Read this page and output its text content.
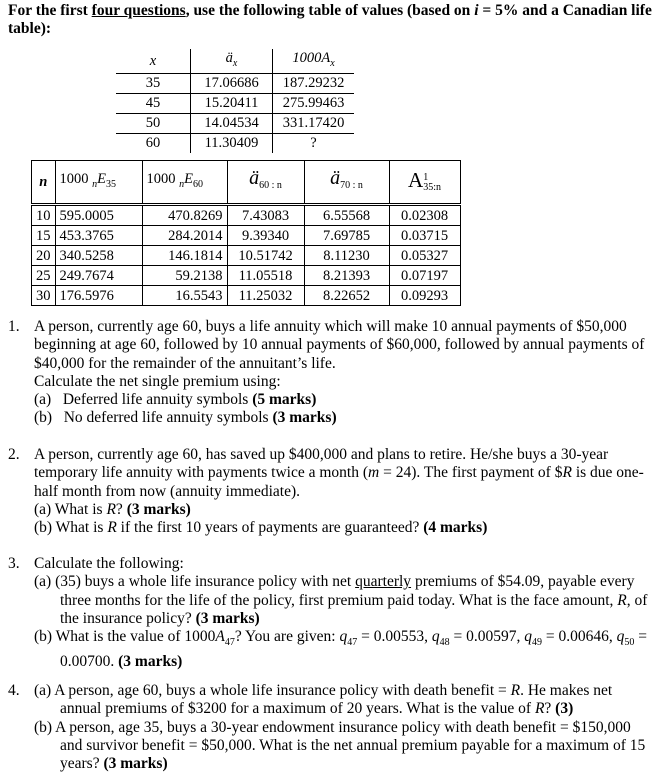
For the first four questions, use the following table of values (based on i = 5% and a Canadian life table):
x	$ä_x$	$1000A_x$
35	17.06686	187.29232
45	15.20411	275.99463
50	14.04534	331.17420
60	11.30409	?
n	1000 $_nE_{35}$	1000 $_nE_{60}$	$ä_{60 : n}$	$ä_{70 : n}$	A 1
35:n

10	595.0005	470.8269	7.43083	6.55568	0.02308
15	453.3765	284.2014	9.39340	7.69785	0.03715
20	340.5258	146.1814	10.51742	8.11230	0.05327
25	249.7674	59.2138	11.05518	8.21393	0.07197
30	176.5976	16.5543	11.25032	8.22652	0.09293
1. A person, currently age 60, buys a life annuity which will make 10 annual payments of $50,000 beginning at age 60, followed by 10 annual payments of $60,000, followed by annual payments of $40,000 for the remainder of the annuitant’s life.
Calculate the net single premium using:
(a) Deferred life annuity symbols (5 marks)
(b) No deferred life annuity symbols (3 marks)
2. A person, currently age 60, has saved up $400,000 and plans to retire. He/she buys a 30-year temporary life annuity with payments twice a month (m = 24). The first payment of $R is due one-half month from now (annuity immediate).
(a) What is R? (3 marks)
(b) What is R if the first 10 years of payments are guaranteed? (4 marks)
3. Calculate the following:
(a) (35) buys a whole life insurance policy with net quarterly premiums of $54.09, payable every three months for the life of the policy, first premium paid today. What is the face amount, R, of the insurance policy? (3 marks)
(b) What is the value of $1000A_{47}$? You are given: $q_{47} = 0.00553$, $q_{48} = 0.00597$, $q_{49} = 0.00646$, $q_{50} = 0.00700$. (3 marks)
4. (a) A person, age 60, buys a whole life insurance policy with death benefit = R. He makes net annual premiums of $3200 for a maximum of 20 years. What is the value of R? (3)
(b) A person, age 35, buys a 30-year endowment insurance policy with death benefit = $150,000 and survivor benefit = $50,000. What is the net annual premium payable for a maximum of 15 years? (3 marks)
